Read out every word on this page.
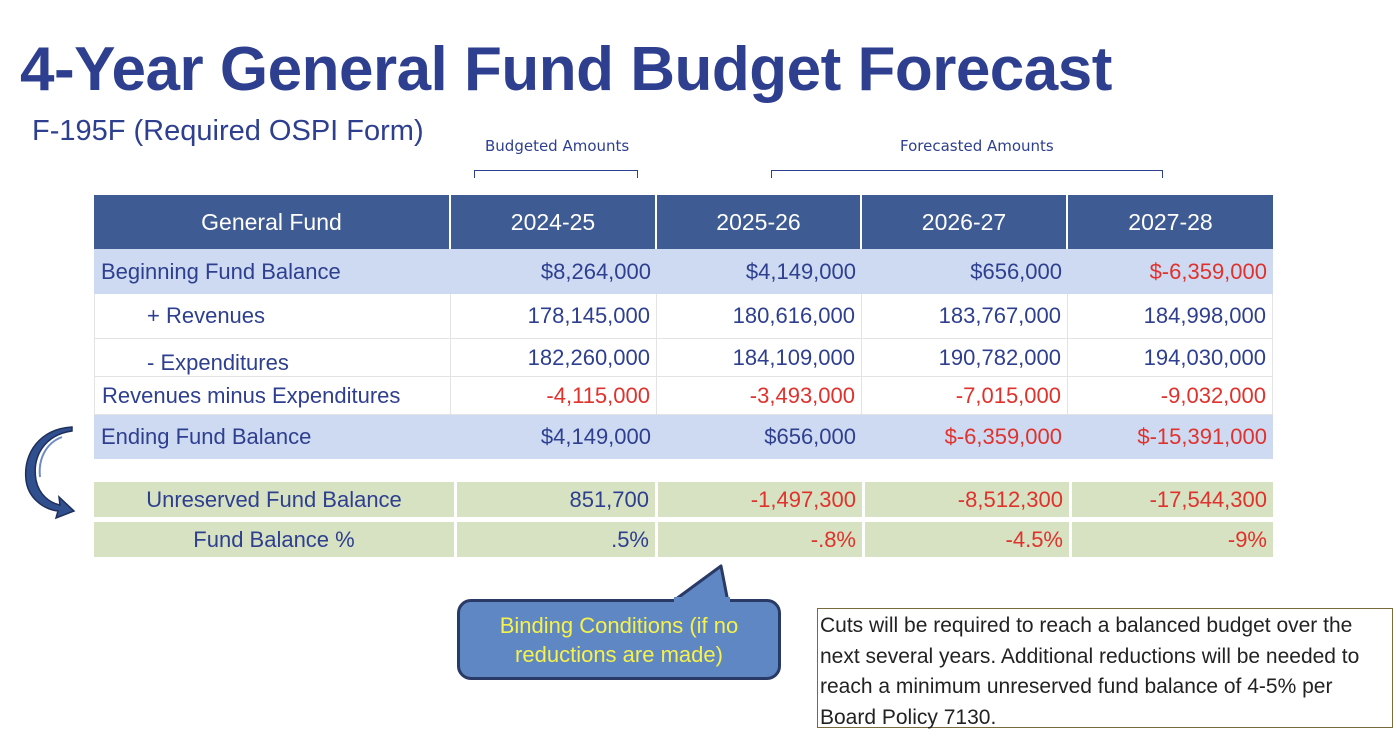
4-Year General Fund Budget Forecast
F-195F (Required OSPI Form)	Budgeted Amounts	Forecasted Amounts
General Fund	2024-25	2025-26	2026-27	2027-28
Beginning Fund Balance	$8,264,000	$4,149,000	$656,000	$-6,359,000
+ Revenues	178,145,000	180,616,000	183,767,000	184,998,000
- Expenditures	182,260,000	184,109,000	190,782,000	194,030,000
Revenues minus Expenditures	-4,115,000	-3,493,000	-7,015,000	-9,032,000
Ending Fund Balance	$4,149,000	$656,000	$-6,359,000	$-15,391,000
Unreserved Fund Balance	851,700	-1,497,300	-8,512,300	-17,544,300
Fund Balance %	.5%	-.8%	-4.5%	-9%
Binding Conditions (if no
reductions are made)
Cuts will be required to reach a balanced budget over the
next several years. Additional reductions will be needed to
reach a minimum unreserved fund balance of 4-5% per
Board Policy 7130.
